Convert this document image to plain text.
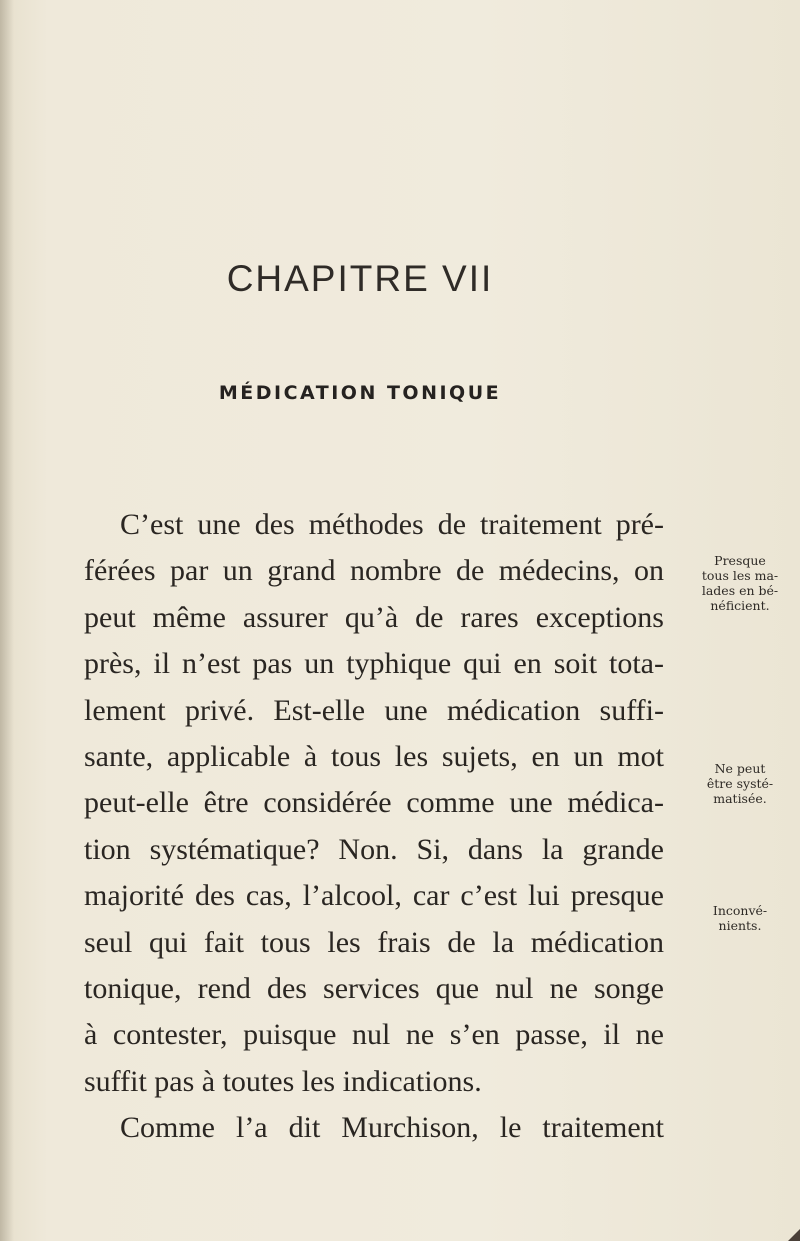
CHAPITRE VII
MÉDICATION TONIQUE
C’est une des méthodes de traitement pré-
férées par un grand nombre de médecins, on
peut même assurer qu’à de rares exceptions
près, il n’est pas un typhique qui en soit tota-
lement privé. Est-elle une médication suffi-
sante, applicable à tous les sujets, en un mot
peut-elle être considérée comme une médica-
tion systématique? Non. Si, dans la grande
majorité des cas, l’alcool, car c’est lui presque
seul qui fait tous les frais de la médication
tonique, rend des services que nul ne songe
à contester, puisque nul ne s’en passe, il ne
suffit pas à toutes les indications.
Comme l’a dit Murchison, le traitement
Presque
tous les ma-
lades en bé-
néficient.
Ne peut
être systé-
matisée.
Inconvé-
nients.
